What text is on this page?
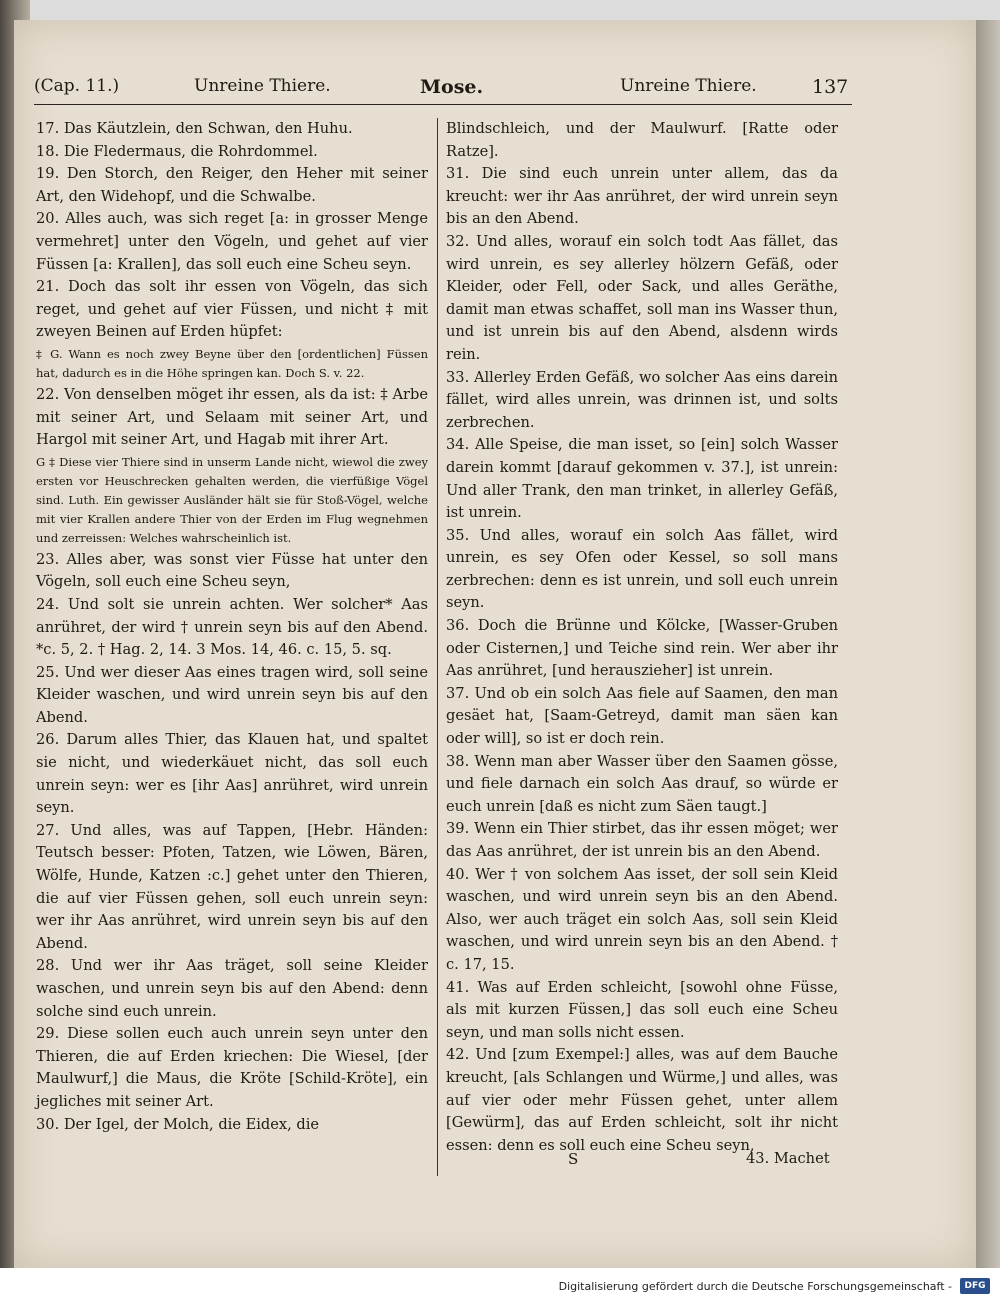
(Cap. 11.)	Unreine Thiere.	Mose.	Unreine Thiere.	137

17. Das Käutzlein, den Schwan, den Huhu.

18. Die Fledermaus, die Rohrdommel.

19. Den Storch, den Reiger, den Heher mit seiner Art, den Widehopf, und die Schwalbe.

20. Alles auch, was sich reget [a: in grosser Menge vermehret] unter den Vögeln, und gehet auf vier Füssen [a: Krallen], das soll euch eine Scheu seyn.

21. Doch das solt ihr essen von Vögeln, das sich reget, und gehet auf vier Füssen, und nicht ‡ mit zweyen Beinen auf Erden hüpfet:

‡ G. Wann es noch zwey Beyne über den [ordentlichen] Füssen hat, dadurch es in die Höhe springen kan. Doch S. v. 22.

22. Von denselben möget ihr essen, als da ist: ‡ Arbe mit seiner Art, und Selaam mit seiner Art, und Hargol mit seiner Art, und Hagab mit ihrer Art.

G ‡ Diese vier Thiere sind in unserm Lande nicht, wiewol die zwey ersten vor Heuschrecken gehalten werden, die vierfüßige Vögel sind. Luth. Ein gewisser Ausländer hält sie für Stoß-Vögel, welche mit vier Krallen andere Thier von der Erden im Flug wegnehmen und zerreissen: Welches wahrscheinlich ist.

23. Alles aber, was sonst vier Füsse hat unter den Vögeln, soll euch eine Scheu seyn,

24. Und solt sie unrein achten. Wer solcher* Aas anrühret, der wird † unrein seyn bis auf den Abend. *c. 5, 2. † Hag. 2, 14. 3 Mos. 14, 46. c. 15, 5. sq.

25. Und wer dieser Aas eines tragen wird, soll seine Kleider waschen, und wird unrein seyn bis auf den Abend.

26. Darum alles Thier, das Klauen hat, und spaltet sie nicht, und wiederkäuet nicht, das soll euch unrein seyn: wer es [ihr Aas] anrühret, wird unrein seyn.

27. Und alles, was auf Tappen, [Hebr. Händen: Teutsch besser: Pfoten, Tatzen, wie Löwen, Bären, Wölfe, Hunde, Katzen :c.] gehet unter den Thieren, die auf vier Füssen gehen, soll euch unrein seyn: wer ihr Aas anrühret, wird unrein seyn bis auf den Abend.

28. Und wer ihr Aas träget, soll seine Kleider waschen, und unrein seyn bis auf den Abend: denn solche sind euch unrein.

29. Diese sollen euch auch unrein seyn unter den Thieren, die auf Erden kriechen: Die Wiesel, [der Maulwurf,] die Maus, die Kröte [Schild-Kröte], ein jegliches mit seiner Art.

30. Der Igel, der Molch, die Eidex, die

Blindschleich, und der Maulwurf. [Ratte oder Ratze].

31. Die sind euch unrein unter allem, das da kreucht: wer ihr Aas anrühret, der wird unrein seyn bis an den Abend.

32. Und alles, worauf ein solch todt Aas fället, das wird unrein, es sey allerley hölzern Gefäß, oder Kleider, oder Fell, oder Sack, und alles Geräthe, damit man etwas schaffet, soll man ins Wasser thun, und ist unrein bis auf den Abend, alsdenn wirds rein.

33. Allerley Erden Gefäß, wo solcher Aas eins darein fället, wird alles unrein, was drinnen ist, und solts zerbrechen.

34. Alle Speise, die man isset, so [ein] solch Wasser darein kommt [darauf gekommen v. 37.], ist unrein: Und aller Trank, den man trinket, in allerley Gefäß, ist unrein.

35. Und alles, worauf ein solch Aas fället, wird unrein, es sey Ofen oder Kessel, so soll mans zerbrechen: denn es ist unrein, und soll euch unrein seyn.

36. Doch die Brünne und Kölcke, [Wasser-Gruben oder Cisternen,] und Teiche sind rein. Wer aber ihr Aas anrühret, [und herauszieher] ist unrein.

37. Und ob ein solch Aas fiele auf Saamen, den man gesäet hat, [Saam-Getreyd, damit man säen kan oder will], so ist er doch rein.

38. Wenn man aber Wasser über den Saamen gösse, und fiele darnach ein solch Aas drauf, so würde er euch unrein [daß es nicht zum Säen taugt.]

39. Wenn ein Thier stirbet, das ihr essen möget; wer das Aas anrühret, der ist unrein bis an den Abend.

40. Wer † von solchem Aas isset, der soll sein Kleid waschen, und wird unrein seyn bis an den Abend. Also, wer auch träget ein solch Aas, soll sein Kleid waschen, und wird unrein seyn bis an den Abend. † c. 17, 15.

41. Was auf Erden schleicht, [sowohl ohne Füsse, als mit kurzen Füssen,] das soll euch eine Scheu seyn, und man solls nicht essen.

42. Und [zum Exempel:] alles, was auf dem Bauche kreucht, [als Schlangen und Würme,] und alles, was auf vier oder mehr Füssen gehet, unter allem [Gewürm], das auf Erden schleicht, solt ihr nicht essen: denn es soll euch eine Scheu seyn,

S	43. Machet
Digitalisierung gefördert durch die Deutsche Forschungsgemeinschaft -	DFG
